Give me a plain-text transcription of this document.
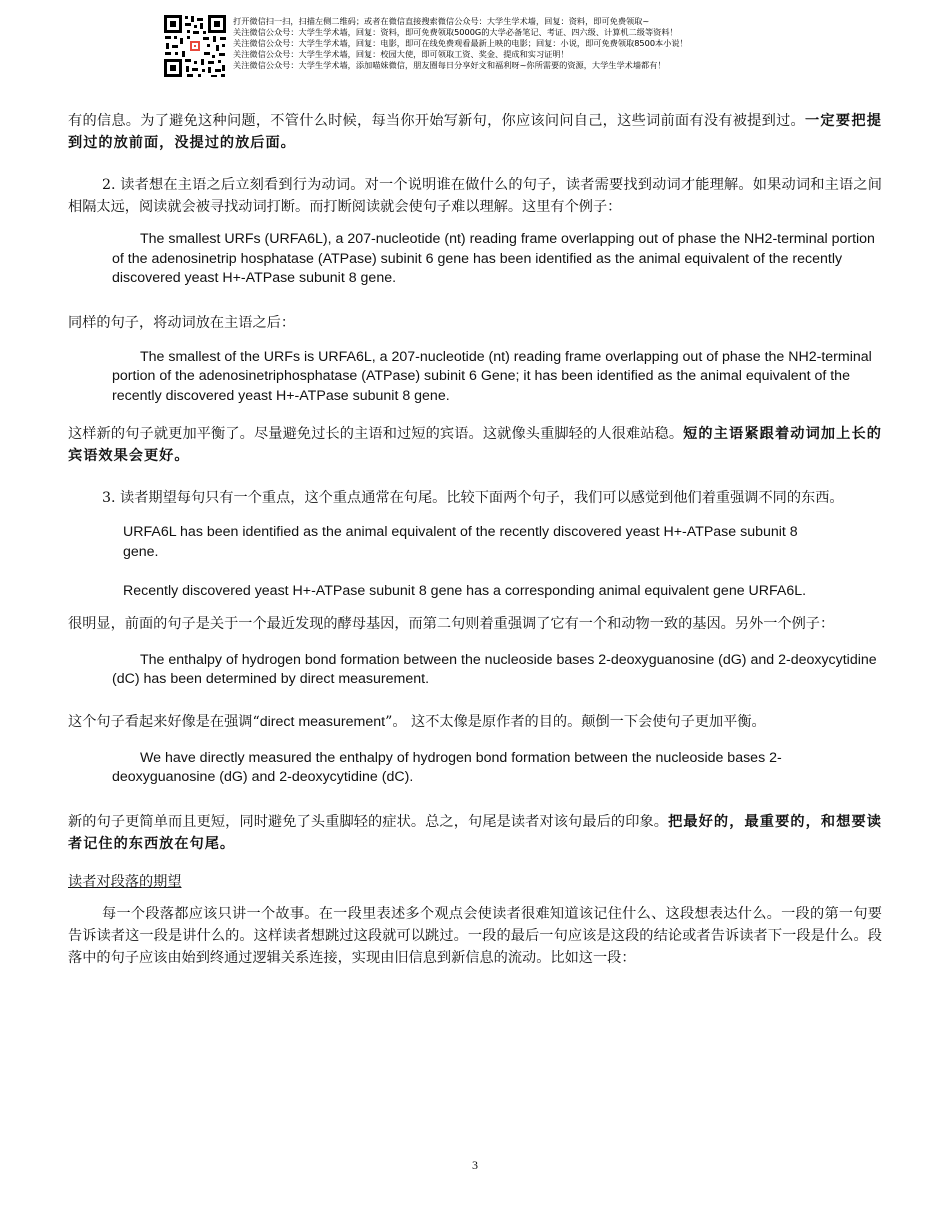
打开微信扫一扫，扫描左侧二维码；或者在微信直接搜索微信公众号：大学生学术墙，回复：资料，即可免费领取~
关注微信公众号：大学生学术墙，回复：资料，即可免费领取5000G的大学必备笔记、考证、四六级、计算机二级等资料！
关注微信公众号：大学生学术墙，回复：电影，即可在线免费观看最新上映的电影；回复：小说，即可免费领取8500本小说！
关注微信公众号：大学生学术墙，回复：校园大使，即可领取工资、奖金、提成和实习证明！
关注微信公众号：大学生学术墙，添加喵妹微信，朋友圈每日分享好文和福利呀~你所需要的资源，大学生学术墙都有！

有的信息。为了避免这种问题，不管什么时候，每当你开始写新句，你应该问问自己，这些词前面有没有被提到过。一定要把提到过的放前面，没提过的放后面。

2. 读者想在主语之后立刻看到行为动词。对一个说明谁在做什么的句子，读者需要找到动词才能理解。如果动词和主语之间相隔太远，阅读就会被寻找动词打断。而打断阅读就会使句子难以理解。这里有个例子：

The smallest URFs (URFA6L), a 207-nucleotide (nt) reading frame overlapping out of phase the NH2-terminal portion of the adenosinetrip hosphatase (ATPase) subinit 6 gene has been identified as the animal equivalent of the recently discovered yeast H+-ATPase subunit 8 gene.

同样的句子，将动词放在主语之后：

The smallest of the URFs is URFA6L, a 207-nucleotide (nt) reading frame overlapping out of phase the NH2-terminal portion of the adenosinetriphosphatase (ATPase) subinit 6 Gene; it has been identified as the animal equivalent of the recently discovered yeast H+-ATPase subunit 8 gene.

这样新的句子就更加平衡了。尽量避免过长的主语和过短的宾语。这就像头重脚轻的人很难站稳。短的主语紧跟着动词加上长的宾语效果会更好。

3. 读者期望每句只有一个重点，这个重点通常在句尾。比较下面两个句子，我们可以感觉到他们着重强调不同的东西。

URFA6L has been identified as the animal equivalent of the recently discovered yeast H+-ATPase subunit 8 gene.

Recently discovered yeast H+-ATPase subunit 8 gene has a corresponding animal equivalent gene URFA6L.

很明显，前面的句子是关于一个最近发现的酵母基因，而第二句则着重强调了它有一个和动物一致的基因。另外一个例子：

The enthalpy of hydrogen bond formation between the nucleoside bases 2-deoxyguanosine (dG) and 2-deoxycytidine (dC) has been determined by direct measurement.

这个句子看起来好像是在强调“direct measurement”。 这不太像是原作者的目的。颠倒一下会使句子更加平衡。

We have directly measured the enthalpy of hydrogen bond formation between the nucleoside bases 2-deoxyguanosine (dG) and 2-deoxycytidine (dC).

新的句子更简单而且更短，同时避免了头重脚轻的症状。总之，句尾是读者对该句最后的印象。把最好的，最重要的，和想要读者记住的东西放在句尾。

读者对段落的期望

每一个段落都应该只讲一个故事。在一段里表述多个观点会使读者很难知道该记住什么、这段想表达什么。一段的第一句要告诉读者这一段是讲什么的。这样读者想跳过这段就可以跳过。一段的最后一句应该是这段的结论或者告诉读者下一段是什么。段落中的句子应该由始到终通过逻辑关系连接，实现由旧信息到新信息的流动。比如这一段：

3
